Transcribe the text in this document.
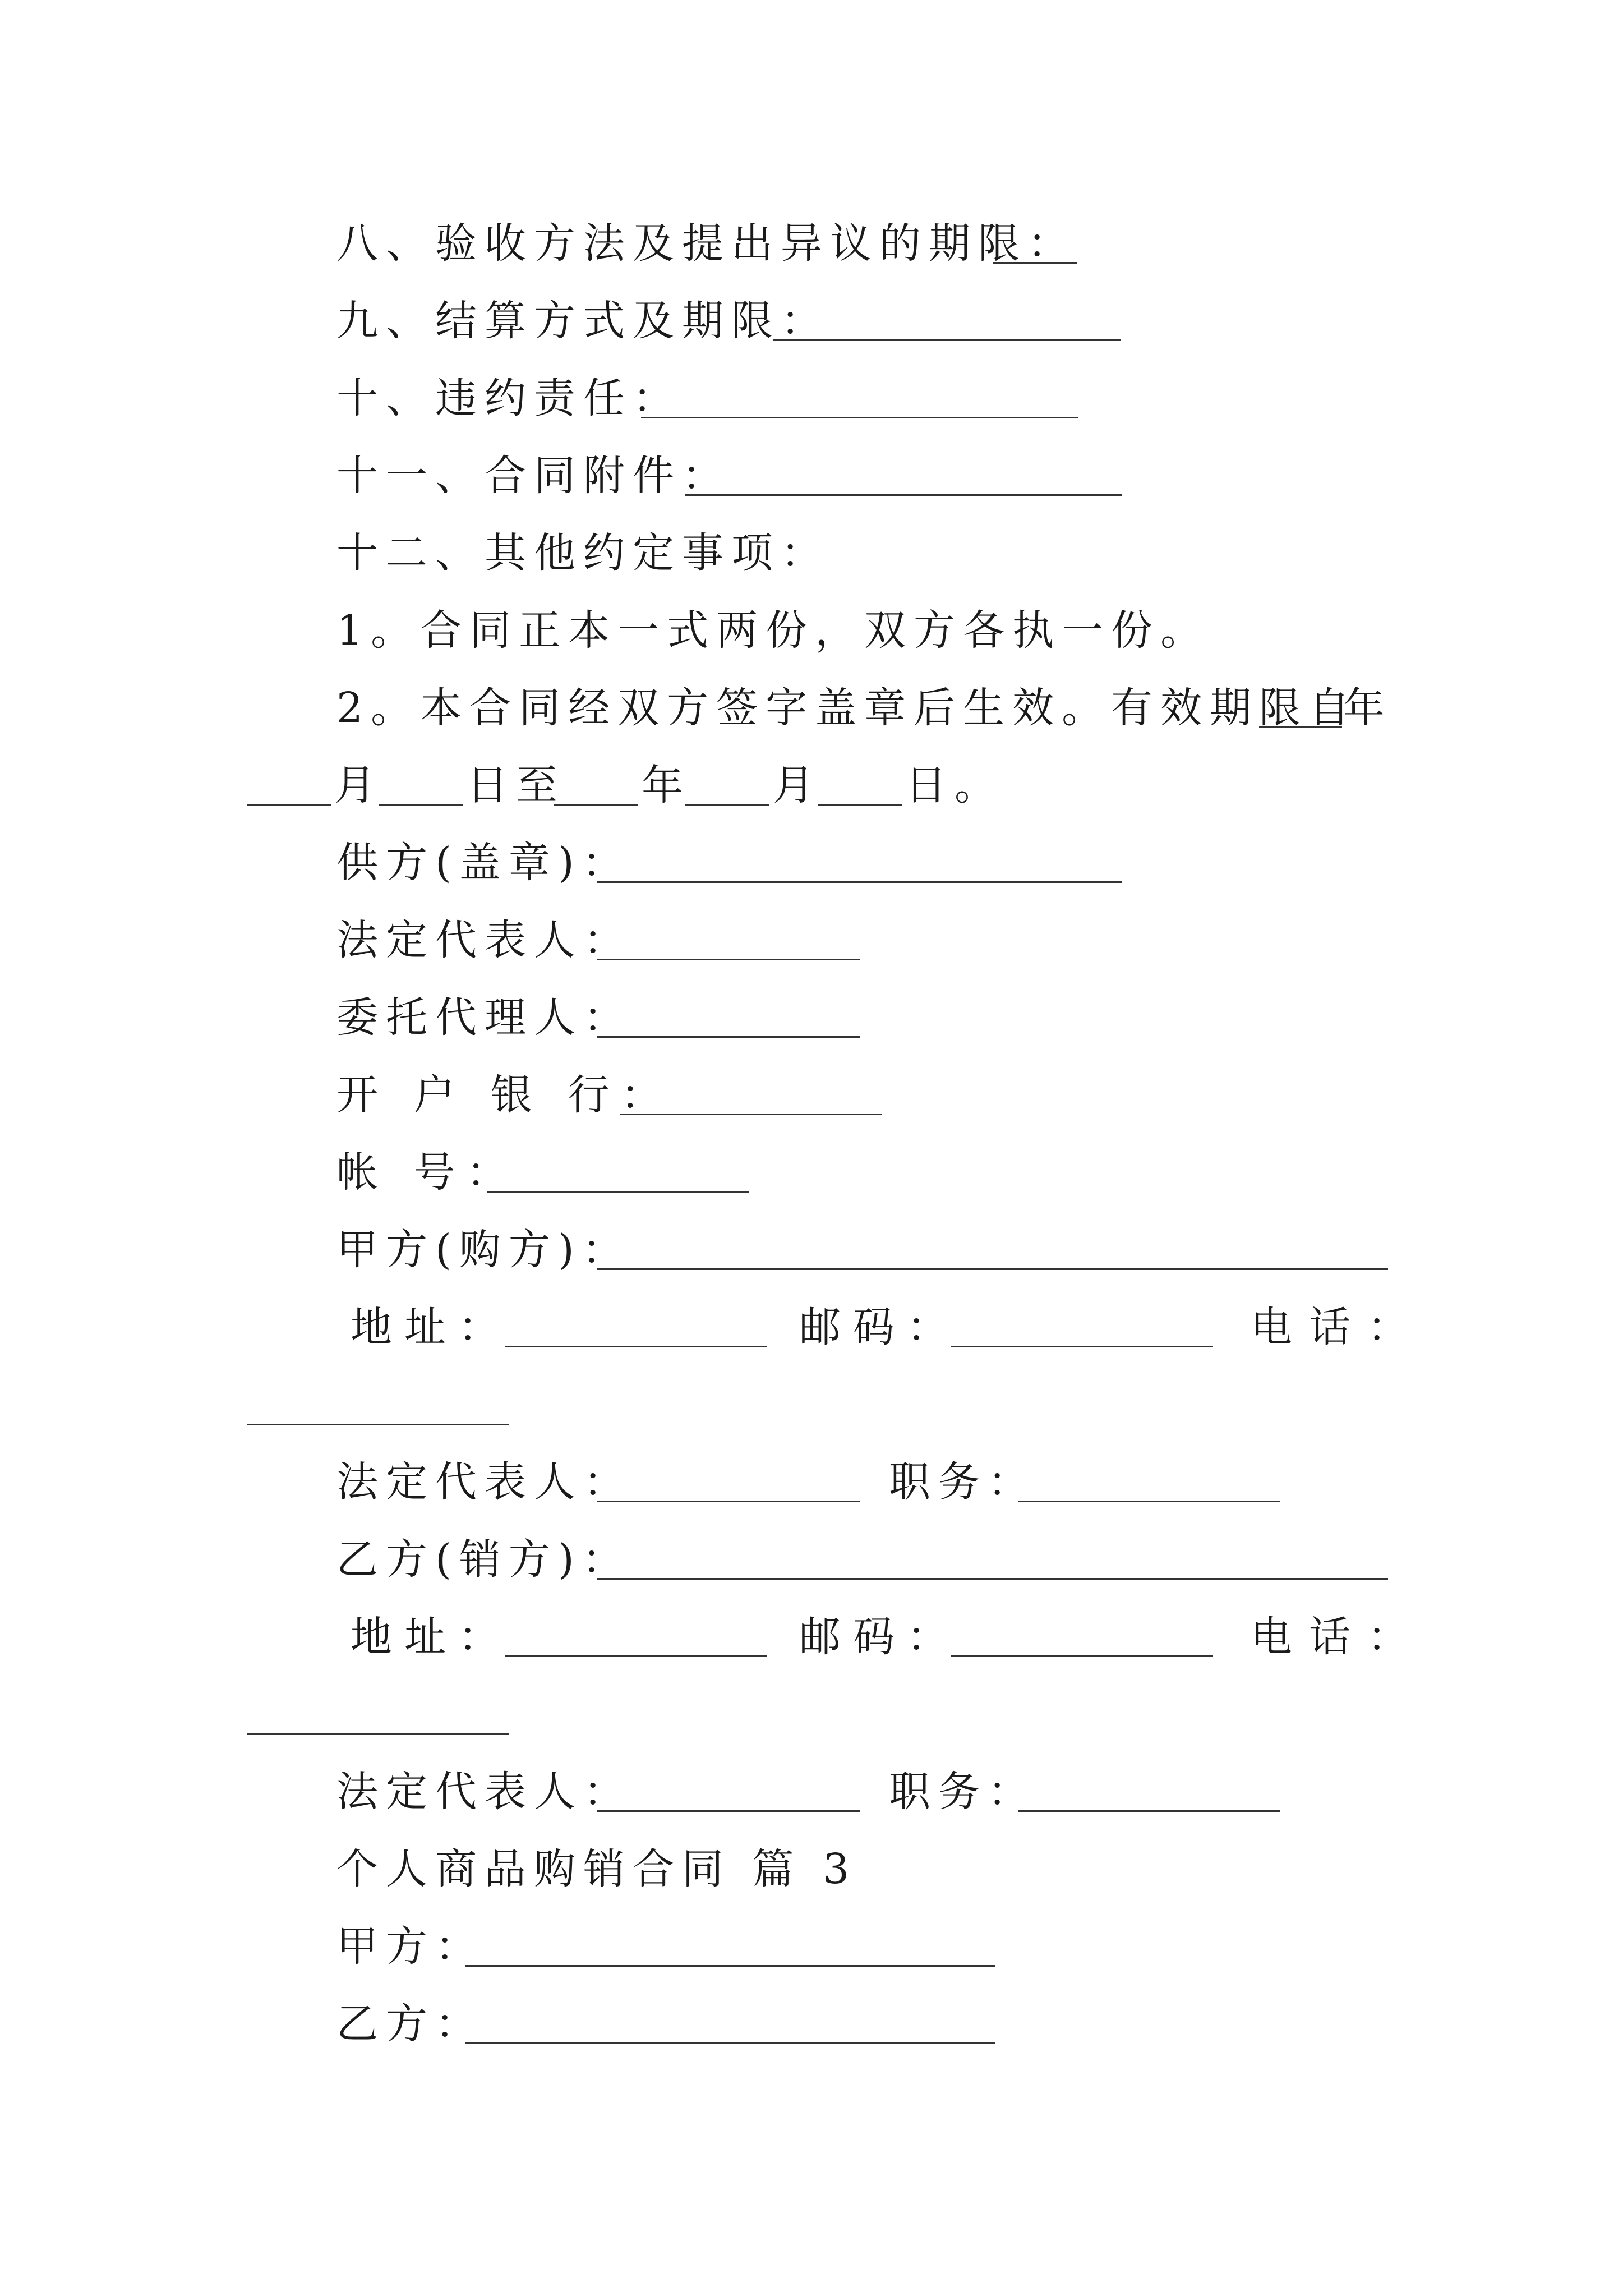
八、验收方法及提出异议的期限：
九、结算方式及期限：
十、违约责任：
十一、合同附件：
十二、其他约定事项：
1。合同正本一式两份，双方各执一份。
2。本合同经双方签字盖章后生效。有效期限自
年
月 日至 年 月 日。
供方(盖章)：
法定代表人：
委托代理人：
开 户 银 行：
帐 号：
甲方(购方)：
地址：	邮码：	电话：
法定代表人：	职务：
乙方(销方)：
地址：	邮码：	电话：
法定代表人：	职务：
个人商品购销合同 篇 3
甲方：
乙方：
